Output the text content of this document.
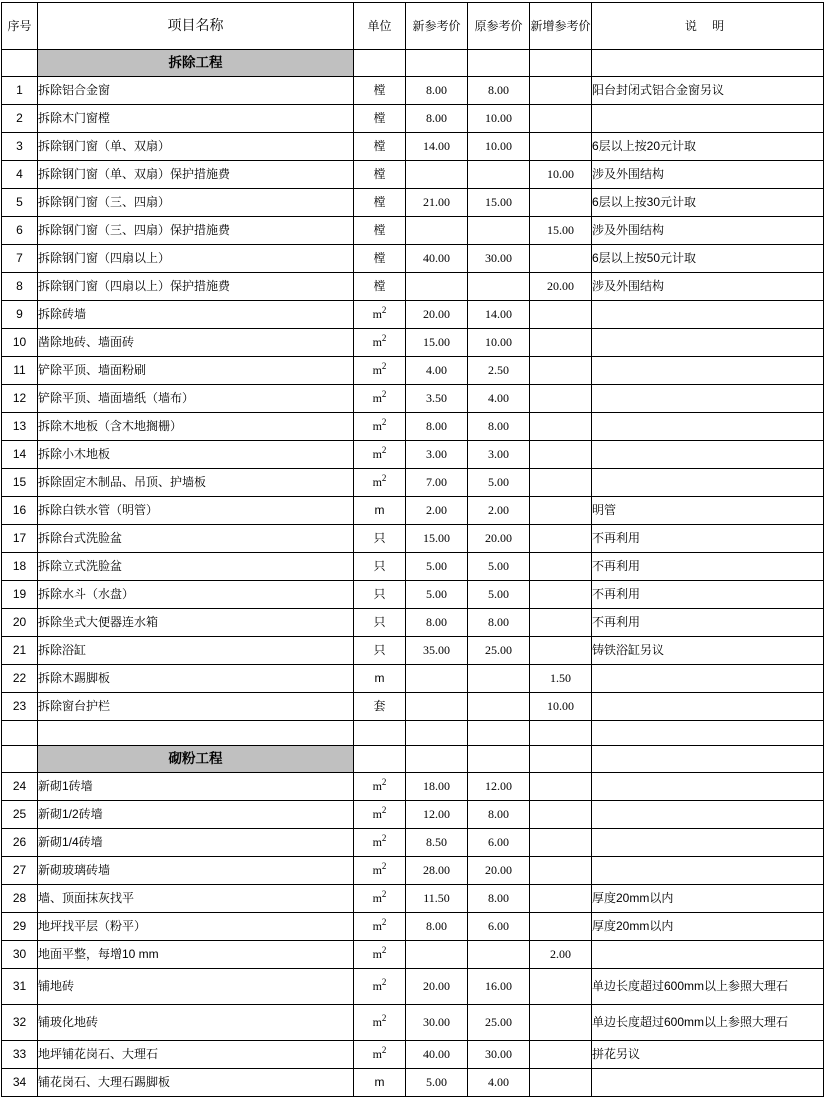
序号	项目名称	单位	新参考价	原参考价	新增参考价	说 明
	拆除工程					
1	拆除铝合金窗	樘	8.00	8.00		阳台封闭式铝合金窗另议
2	拆除木门窗樘	樘	8.00	10.00		
3	拆除钢门窗（单、双扇）	樘	14.00	10.00		6层以上按20元计取
4	拆除钢门窗（单、双扇）保护措施费	樘			10.00	涉及外围结构
5	拆除钢门窗（三、四扇）	樘	21.00	15.00		6层以上按30元计取
6	拆除钢门窗（三、四扇）保护措施费	樘			15.00	涉及外围结构
7	拆除钢门窗（四扇以上）	樘	40.00	30.00		6层以上按50元计取
8	拆除钢门窗（四扇以上）保护措施费	樘			20.00	涉及外围结构
9	拆除砖墙	$m^2$	20.00	14.00		
10	凿除地砖、墙面砖	$m^2$	15.00	10.00		
11	铲除平顶、墙面粉刷	$m^2$	4.00	2.50		
12	铲除平顶、墙面墙纸（墙布）	$m^2$	3.50	4.00		
13	拆除木地板（含木地搁栅）	$m^2$	8.00	8.00		
14	拆除小木地板	$m^2$	3.00	3.00		
15	拆除固定木制品、吊顶、护墙板	$m^2$	7.00	5.00		
16	拆除白铁水管（明管）	m	2.00	2.00		明管
17	拆除台式洗脸盆	只	15.00	20.00		不再利用
18	拆除立式洗脸盆	只	5.00	5.00		不再利用
19	拆除水斗（水盘）	只	5.00	5.00		不再利用
20	拆除坐式大便器连水箱	只	8.00	8.00		不再利用
21	拆除浴缸	只	35.00	25.00		铸铁浴缸另议
22	拆除木踢脚板	m			1.50	
23	拆除窗台护栏	套			10.00	

	砌粉工程					
24	新砌1砖墙	$m^2$	18.00	12.00		
25	新砌1/2砖墙	$m^2$	12.00	8.00		
26	新砌1/4砖墙	$m^2$	8.50	6.00		
27	新砌玻璃砖墙	$m^2$	28.00	20.00		
28	墙、顶面抹灰找平	$m^2$	11.50	8.00		厚度20mm以内
29	地坪找平层（粉平）	$m^2$	8.00	6.00		厚度20mm以内
30	地面平整，每增10 mm	$m^2$			2.00	
31	铺地砖	$m^2$	20.00	16.00		单边长度超过600mm以上参照大理石
32	铺玻化地砖	$m^2$	30.00	25.00		单边长度超过600mm以上参照大理石
33	地坪铺花岗石、大理石	$m^2$	40.00	30.00		拼花另议
34	铺花岗石、大理石踢脚板	m	5.00	4.00		
